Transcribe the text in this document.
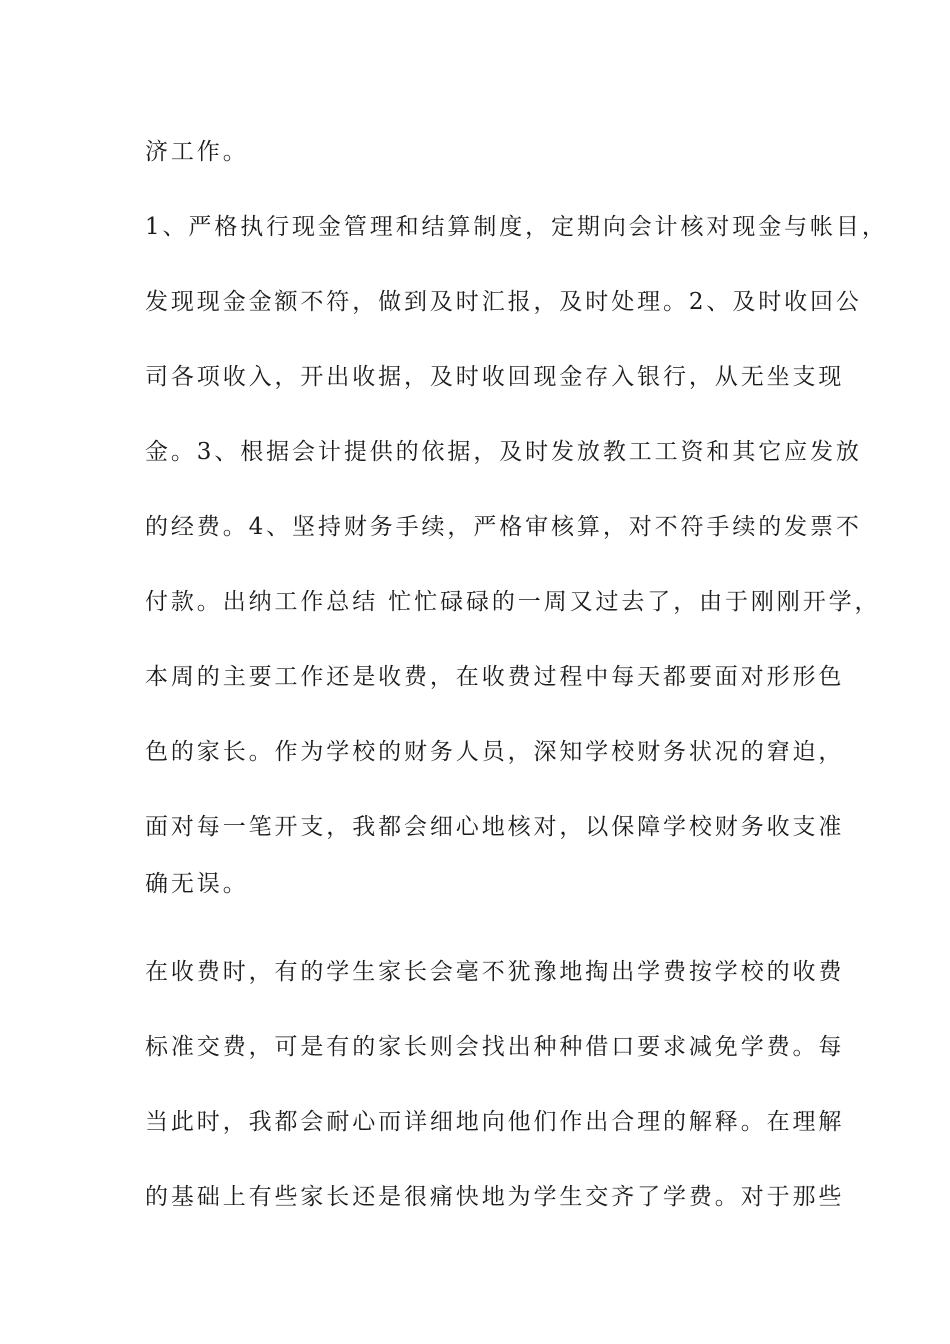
济工作。
1、严格执行现金管理和结算制度，定期向会计核对现金与帐目，
发现现金金额不符，做到及时汇报，及时处理。2、及时收回公
司各项收入，开出收据，及时收回现金存入银行，从无坐支现
金。3、根据会计提供的依据，及时发放教工工资和其它应发放
的经费。4、坚持财务手续，严格审核算，对不符手续的发票不
付款。出纳工作总结 忙忙碌碌的一周又过去了，由于刚刚开学，
本周的主要工作还是收费，在收费过程中每天都要面对形形色
色的家长。作为学校的财务人员，深知学校财务状况的窘迫，
面对每一笔开支，我都会细心地核对，以保障学校财务收支准
确无误。
在收费时，有的学生家长会毫不犹豫地掏出学费按学校的收费
标准交费，可是有的家长则会找出种种借口要求减免学费。每
当此时，我都会耐心而详细地向他们作出合理的解释。在理解
的基础上有些家长还是很痛快地为学生交齐了学费。对于那些
